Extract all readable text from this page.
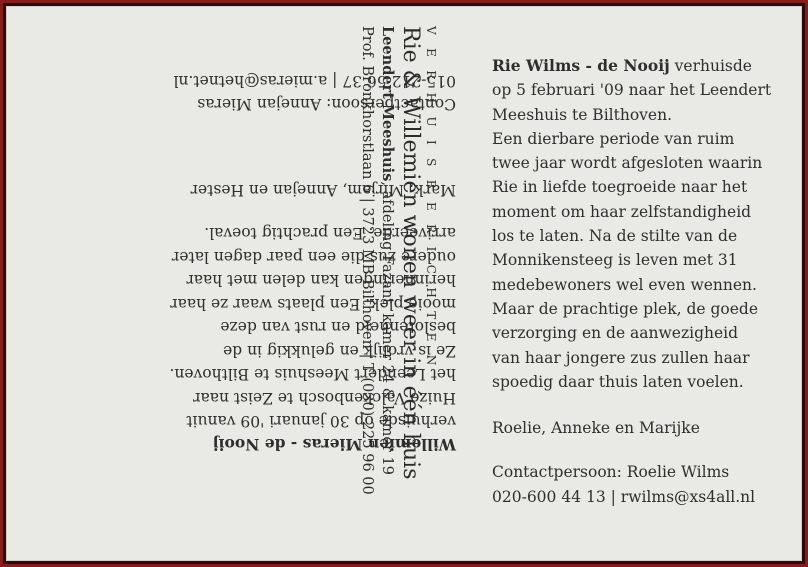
Rie Wilms - de Nooij verhuisde

op 5 februari '09 naar het Leendert

Meeshuis te Bilthoven.

Een dierbare periode van ruim

twee jaar wordt afgesloten waarin

Rie in liefde toegroeide naar het

moment om haar zelfstandigheid

los te laten. Na de stilte van de

Monnikensteeg is leven met 31

medebewoners wel even wennen.

Maar de prachtige plek, de goede

verzorging en de aanwezigheid

van haar jongere zus zullen haar

spoedig daar thuis laten voelen.

Roelie, Anneke en Marijke

Contactpersoon: Roelie Wilms

020-600 44 13 | rwilms@xs4all.nl

Willemien Mieras - de Nooij

verhuisde op 30 januari '09 vanuit

Huize Valckenbosch te Zeist naar

het Leendert Meeshuis te Bilthoven.

Ze is vrolijk en gelukkig in de

beslotenheid en rust van deze

mooie plek. Een plaats waar ze haar

herinneringen kan delen met haar

oudere zus die een paar dagen later

arriveerde. Een prachtig toeval.

Mark, Mirjam, Annejan en Hester

Contactpersoon: Annejan Mieras

015-212 56 37 | a.mieras@hetnet.nl

VERHUISBERICHTEN
Rie & Willemien wonen weer in één huis
Leendert Meeshuis, afdeling Fazant, kamer 24 & kamer 19
Prof. Bronkhorstlaan 6 | 3723 MB Bilthoven | T (030) 225 96 00
